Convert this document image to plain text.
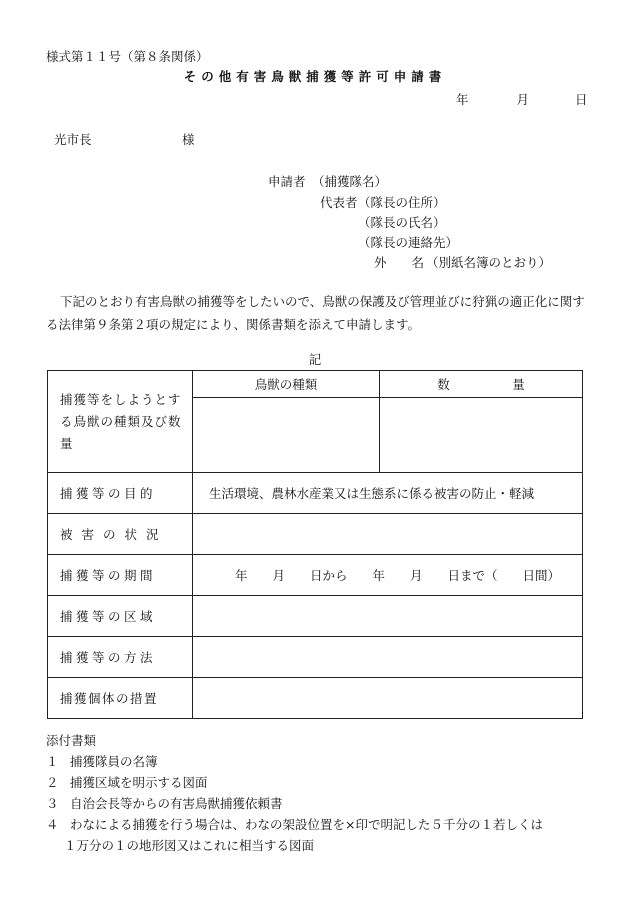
様式第１１号（第８条関係）
その他有害鳥獣捕獲等許可申請書
年	月	日
光市長	様
申請者 （捕獲隊名）
代表者 （隊長の住所）
（隊長の氏名）
（隊長の連絡先）
外　　名 （別紙名簿のとおり）
下記のとおり有害鳥獣の捕獲等をしたいので、鳥獣の保護及び管理並びに狩猟の適正化に関する法律第９条第２項の規定により、関係書類を添えて申請します。
記
捕獲等をしようとする鳥獣の種類及び数量	鳥獣の種類	数　　　　　量

捕獲等の目的	生活環境、農林水産業又は生態系に係る被害の防止・軽減	
被害の状況		
捕獲等の期間	年　　月　　日から　　年　　月　　日まで（　　日間）	
捕獲等の区域		
捕獲等の方法		
捕獲個体の措置		
添付書類
１ 捕獲隊員の名簿
２ 捕獲区域を明示する図面
３ 自治会長等からの有害鳥獣捕獲依頼書
４ わなによる捕獲を行う場合は、わなの架設位置を×印で明記した５千分の１若しくは
１万分の１の地形図又はこれに相当する図面
